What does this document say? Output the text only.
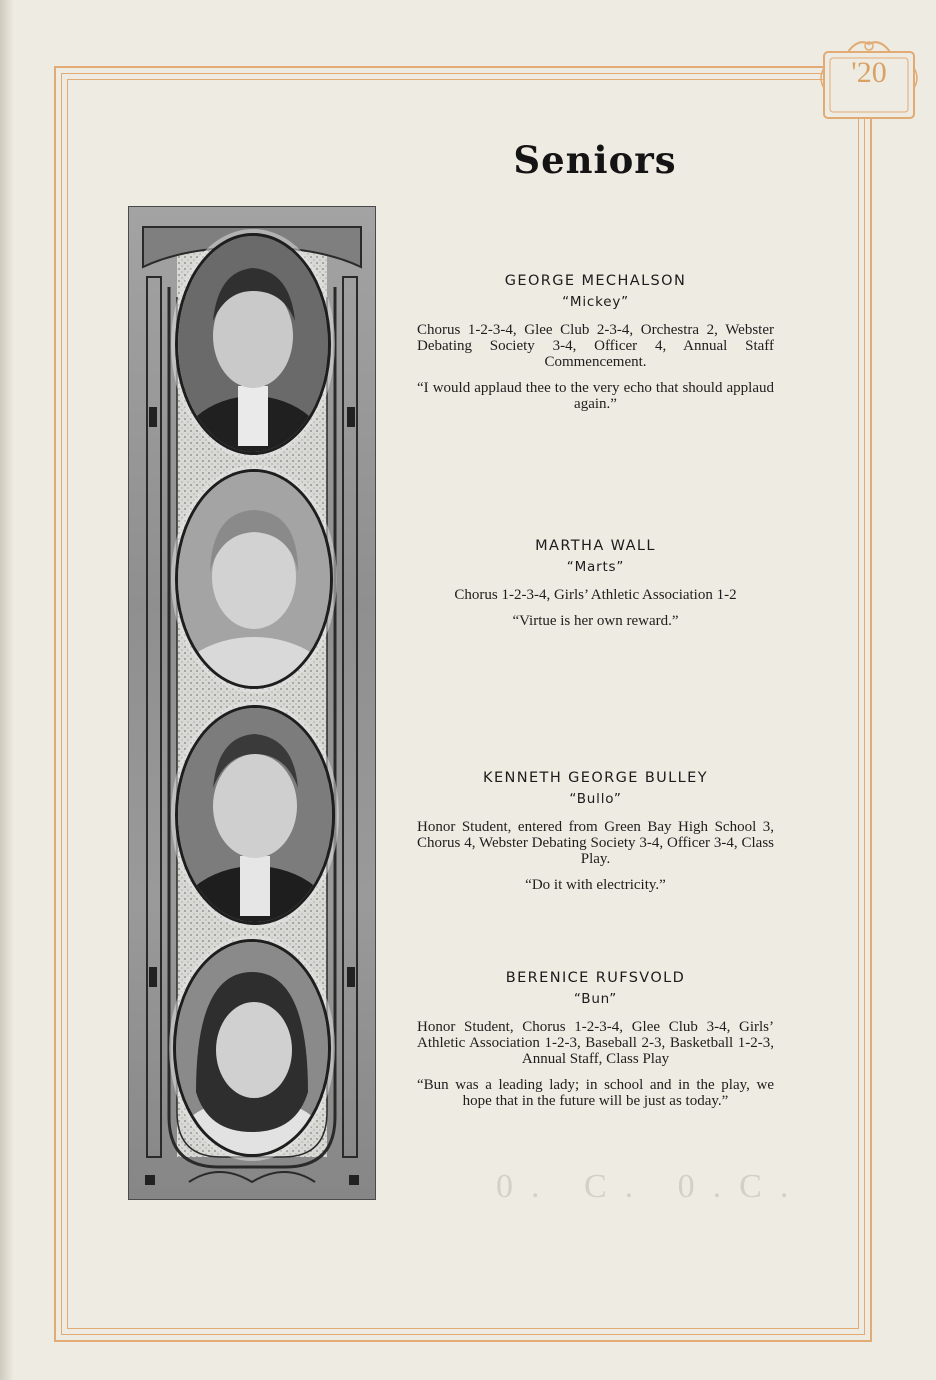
'20
Seniors
GEORGE MECHALSON
“Mickey”
Chorus 1-2-3-4, Glee Club 2-3-4, Orchestra 2, Webster Debating Society 3-4, Officer 4, Annual Staff Commencement.
“I would applaud thee to the very echo that should applaud again.”
MARTHA WALL
“Marts”
Chorus 1-2-3-4, Girls’ Athletic Association 1-2
“Virtue is her own reward.”
KENNETH GEORGE BULLEY
“Bullo”
Honor Student, entered from Green Bay High School 3, Chorus 4, Webster Debating Society 3-4, Officer 3-4, Class Play.
“Do it with electricity.”
BERENICE RUFSVOLD
“Bun”
Honor Student, Chorus 1-2-3-4, Glee Club 3-4, Girls’ Athletic Association 1-2-3, Baseball 2-3, Basketball 1-2-3, Annual Staff, Class Play
“Bun was a leading lady; in school and in the play, we hope that in the future will be just as today.”
0. C. 0.C.
